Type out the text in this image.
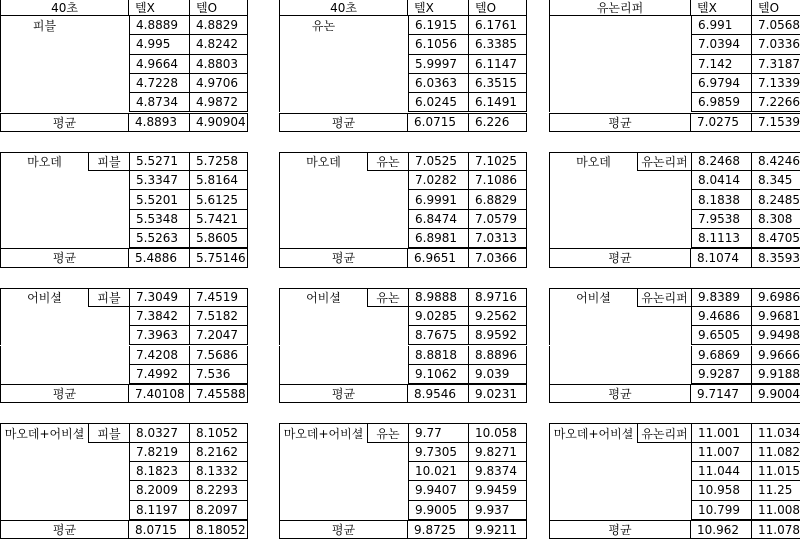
40초	텔X	텔O
피블	4.8889	4.8829
4.995	4.8242
4.9664	4.8803
4.7228	4.9706
4.8734	4.9872
평균	4.8893	4.90904
마오데	피블	5.5271	5.7258
5.3347	5.8164
5.5201	5.6125
5.5348	5.7421
5.5263	5.8605
평균	5.4886	5.75146
어비셜	피블	7.3049	7.4519
7.3842	7.5182
7.3963	7.2047
7.4208	7.5686
7.4992	7.536
평균	7.40108 7.45588
마오데+어비셜	피블	8.0327	8.1052
7.8219	8.2162
8.1823	8.1332
8.2009	8.2293
8.1197	8.2097
평균	8.0715	8.18052
40초	텔X	텔O
유논	6.1915	6.1761
6.1056	6.3385
5.9997	6.1147
6.0363	6.3515
6.0245	6.1491
평균	6.0715	6.226
마오데	유논	7.0525	7.1025
7.0282	7.1086
6.9991	6.8829
6.8474	7.0579
6.8981	7.0313
평균	6.9651	7.0366
어비셜	유논	8.9888	8.9716
9.0285	9.2562
8.7675	8.9592
8.8818	8.8896
9.1062	9.039
평균	8.9546	9.0231
마오데+어비셜	유논	9.77	10.058
9.7305	9.8271
10.021	9.8374
9.9407	9.9459
9.9005	9.937
평균	9.8725	9.9211
유논리퍼	텔X	텔O
6.991	7.0568
7.0394	7.0336
7.142	7.3187
6.9794	7.1339
6.9859	7.2266
평균	7.0275	7.1539
마오데	유논리퍼 8.2468	8.4246
8.0414	8.345
8.1838	8.2485
7.9538	8.308
8.1113	8.4705
평균	8.1074	8.3593
어비셜	유논리퍼 9.8389	9.6986
9.4686	9.9681
9.6505	9.9498
9.6869	9.9666
9.9287	9.9188
평균	9.7147	9.9004
마오데+어비셜 유논리퍼 11.001	11.034
11.007	11.082
11.044	11.015
10.958	11.25
10.799	11.008
평균	10.962	11.078
